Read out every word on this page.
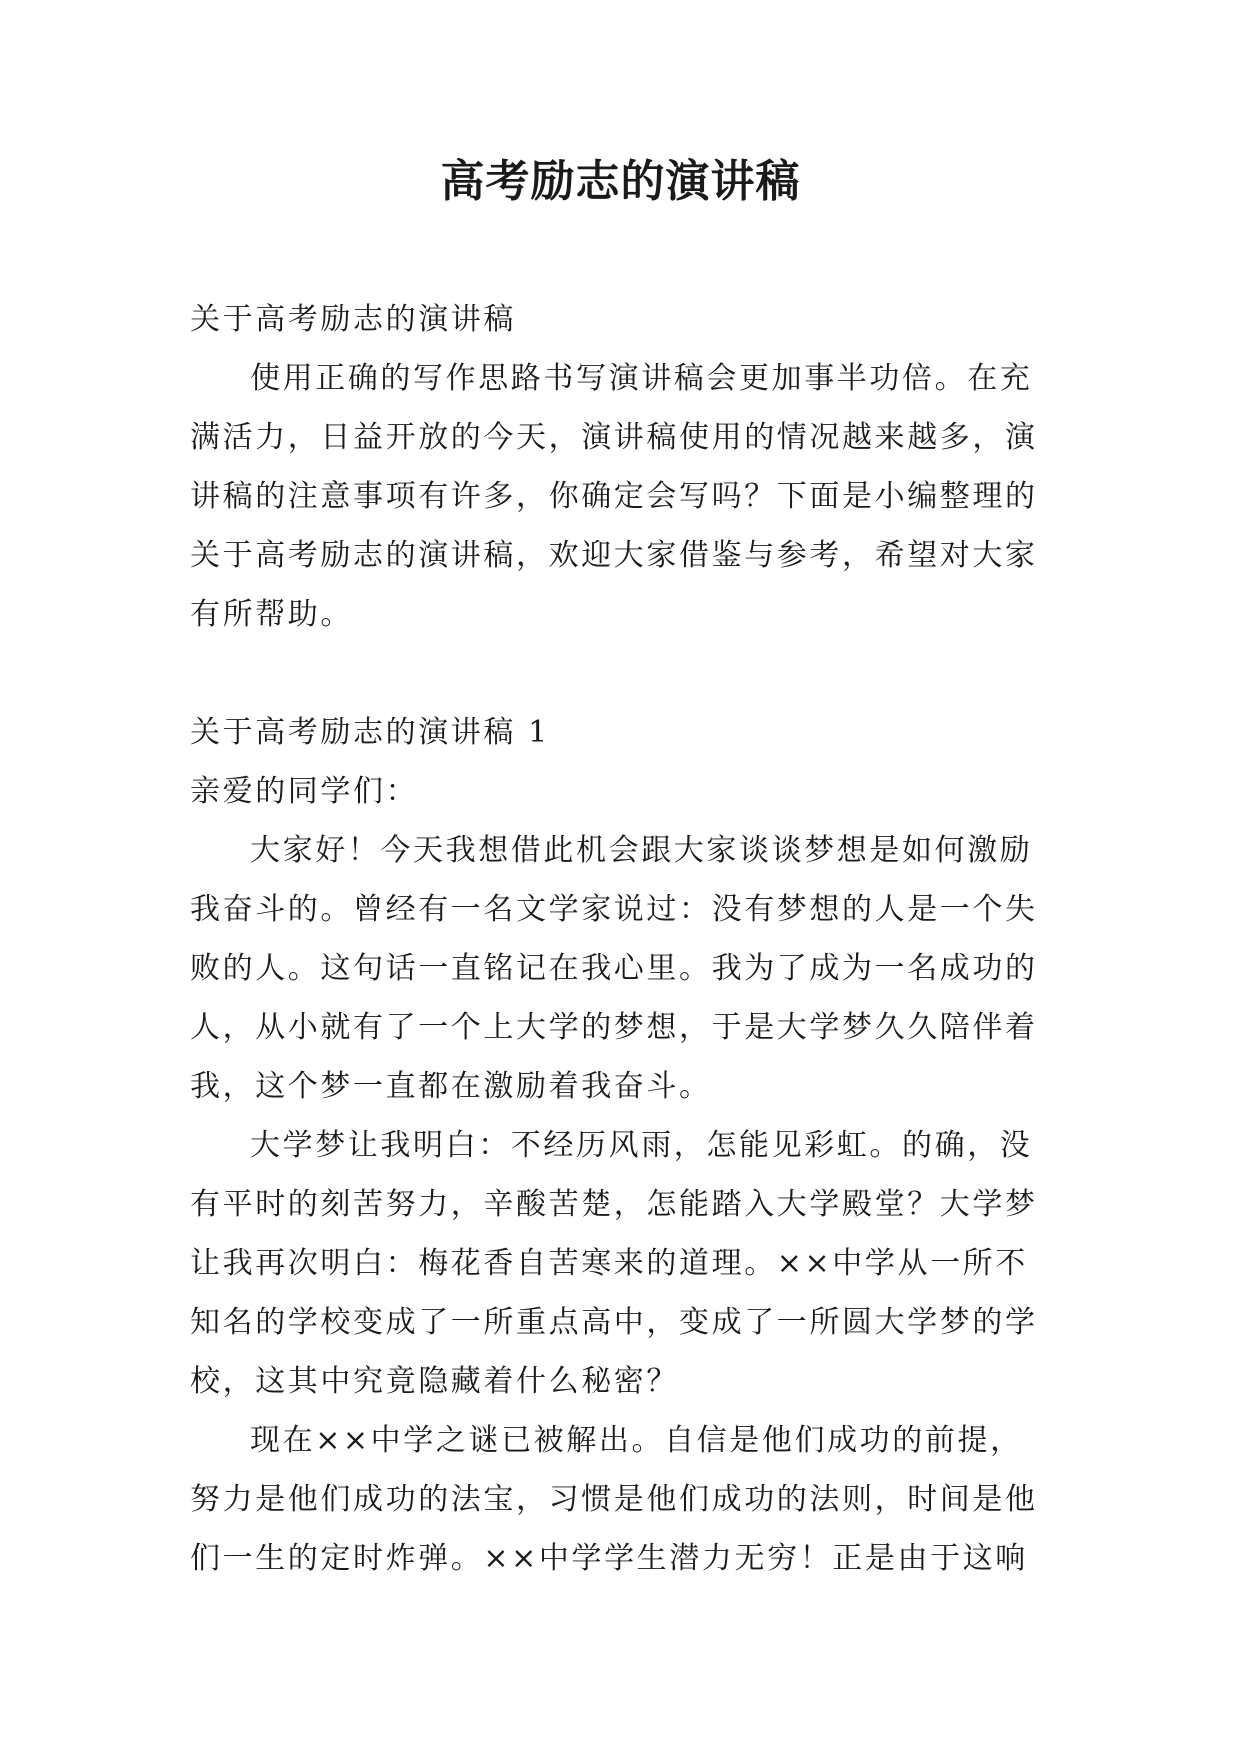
高考励志的演讲稿

关于高考励志的演讲稿

使用正确的写作思路书写演讲稿会更加事半功倍。在充满活力，日益开放的今天，演讲稿使用的情况越来越多，演讲稿的注意事项有许多，你确定会写吗？下面是小编整理的关于高考励志的演讲稿，欢迎大家借鉴与参考，希望对大家有所帮助。

关于高考励志的演讲稿 1

亲爱的同学们：

大家好！今天我想借此机会跟大家谈谈梦想是如何激励我奋斗的。曾经有一名文学家说过：没有梦想的人是一个失败的人。这句话一直铭记在我心里。我为了成为一名成功的人，从小就有了一个上大学的梦想，于是大学梦久久陪伴着我，这个梦一直都在激励着我奋斗。

大学梦让我明白：不经历风雨，怎能见彩虹。的确，没有平时的刻苦努力，辛酸苦楚，怎能踏入大学殿堂？大学梦让我再次明白：梅花香自苦寒来的道理。××中学从一所不知名的学校变成了一所重点高中，变成了一所圆大学梦的学校，这其中究竟隐藏着什么秘密？

现在××中学之谜已被解出。自信是他们成功的前提，努力是他们成功的法宝，习惯是他们成功的法则，时间是他们一生的定时炸弹。××中学学生潜力无穷！正是由于这响
